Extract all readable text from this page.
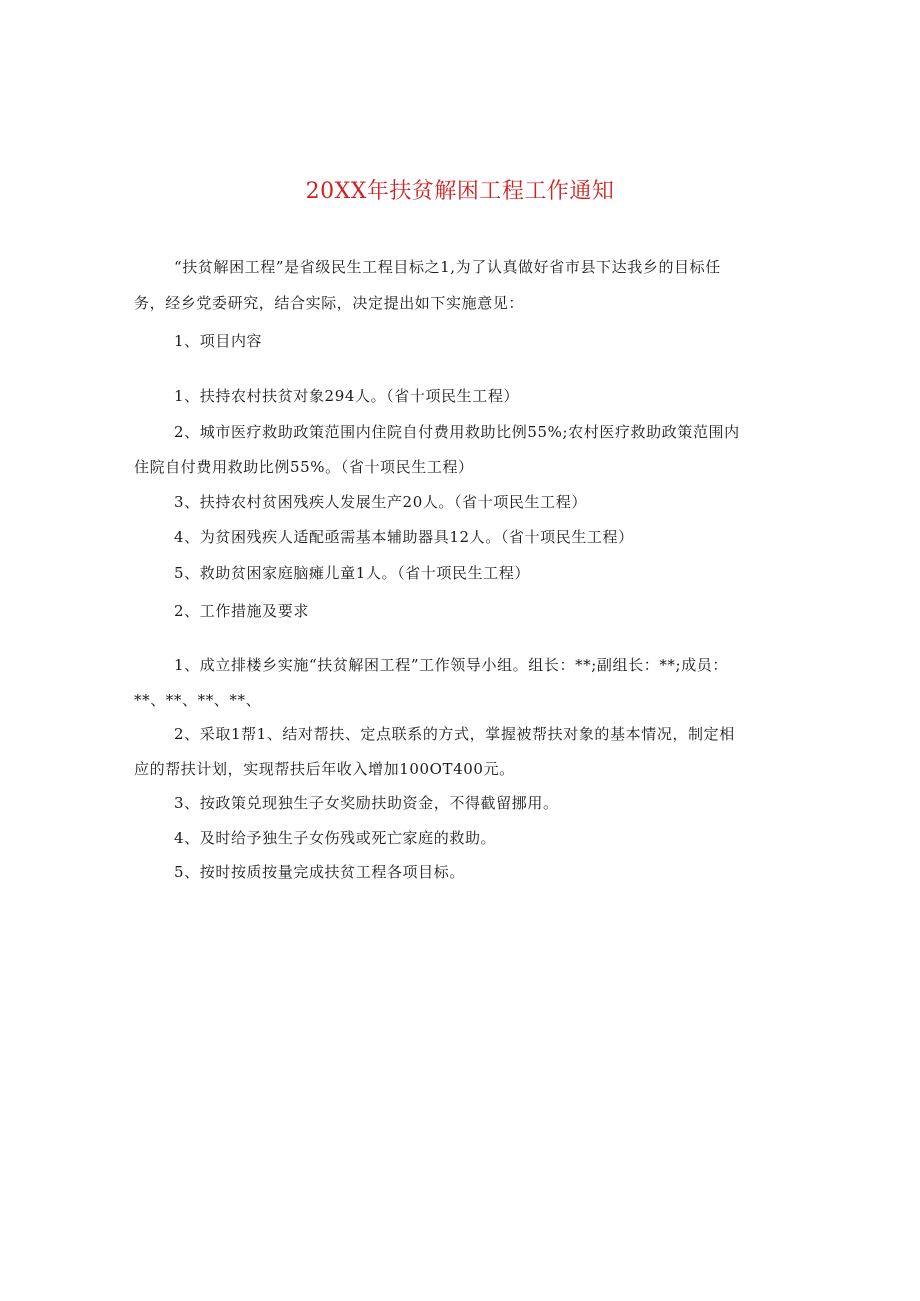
20XX年扶贫解困工程工作通知
“扶贫解困工程”是省级民生工程目标之1,为了认真做好省市县下达我乡的目标任
务，经乡党委研究，结合实际，决定提出如下实施意见：
1、项目内容
1、扶持农村扶贫对象294人。（省十项民生工程）
2、城市医疗救助政策范围内住院自付费用救助比例55%;农村医疗救助政策范围内
住院自付费用救助比例55%。（省十项民生工程）
3、扶持农村贫困残疾人发展生产20人。（省十项民生工程）
4、为贫困残疾人适配亟需基本辅助器具12人。（省十项民生工程）
5、救助贫困家庭脑瘫儿童1人。（省十项民生工程）
2、工作措施及要求
1、成立排楼乡实施“扶贫解困工程”工作领导小组。组长：**;副组长：**;成员：
**、**、**、**、
2、采取1帮1、结对帮扶、定点联系的方式，掌握被帮扶对象的基本情况，制定相
应的帮扶计划，实现帮扶后年收入增加100OT400元。
3、按政策兑现独生子女奖励扶助资金，不得截留挪用。
4、及时给予独生子女伤残或死亡家庭的救助。
5、按时按质按量完成扶贫工程各项目标。
